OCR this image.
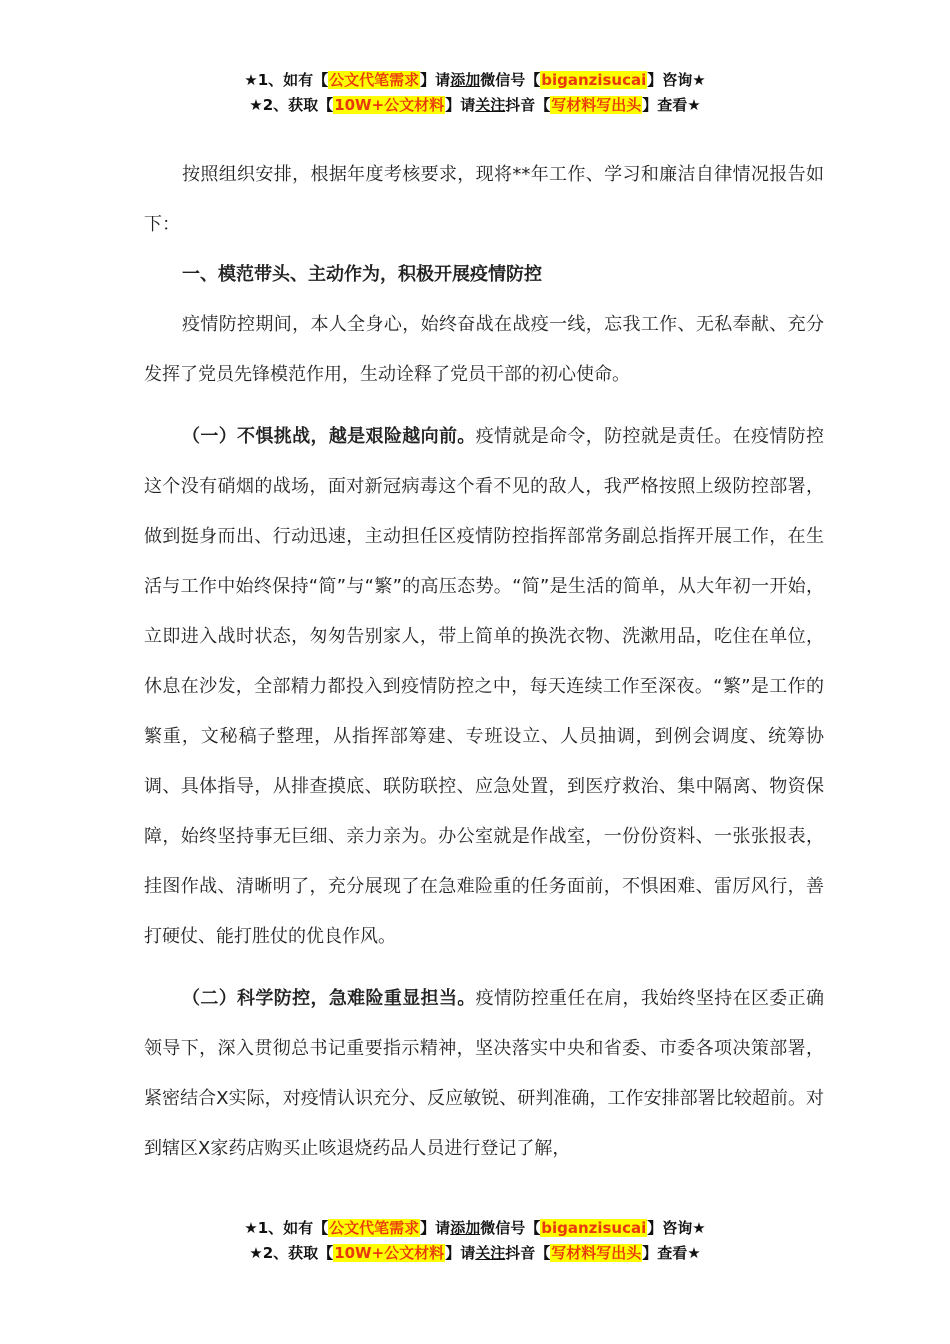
★1、如有【公文代笔需求】请添加微信号【biganzisucai】咨询★
★2、获取【10W+公文材料】请关注抖音【写材料写出头】查看★

按照组织安排，根据年度考核要求，现将**年工作、学习和廉洁自律情况报告如下：

一、模范带头、主动作为，积极开展疫情防控

疫情防控期间，本人全身心，始终奋战在战疫一线，忘我工作、无私奉献、充分发挥了党员先锋模范作用，生动诠释了党员干部的初心使命。

（一）不惧挑战，越是艰险越向前。疫情就是命令，防控就是责任。在疫情防控这个没有硝烟的战场，面对新冠病毒这个看不见的敌人，我严格按照上级防控部署，做到挺身而出、行动迅速，主动担任区疫情防控指挥部常务副总指挥开展工作，在生活与工作中始终保持“简”与“繁”的高压态势。“简”是生活的简单，从大年初一开始，立即进入战时状态，匆匆告别家人，带上简单的换洗衣物、洗漱用品，吃住在单位，休息在沙发，全部精力都投入到疫情防控之中，每天连续工作至深夜。“繁”是工作的繁重，文秘稿子整理，从指挥部筹建、专班设立、人员抽调，到例会调度、统筹协调、具体指导，从排查摸底、联防联控、应急处置，到医疗救治、集中隔离、物资保障，始终坚持事无巨细、亲力亲为。办公室就是作战室，一份份资料、一张张报表，挂图作战、清晰明了，充分展现了在急难险重的任务面前，不惧困难、雷厉风行，善打硬仗、能打胜仗的优良作风。

（二）科学防控，急难险重显担当。疫情防控重任在肩，我始终坚持在区委正确领导下，深入贯彻总书记重要指示精神，坚决落实中央和省委、市委各项决策部署，紧密结合X实际，对疫情认识充分、反应敏锐、研判准确，工作安排部署比较超前。对到辖区X家药店购买止咳退烧药品人员进行登记了解，

★1、如有【公文代笔需求】请添加微信号【biganzisucai】咨询★
★2、获取【10W+公文材料】请关注抖音【写材料写出头】查看★
